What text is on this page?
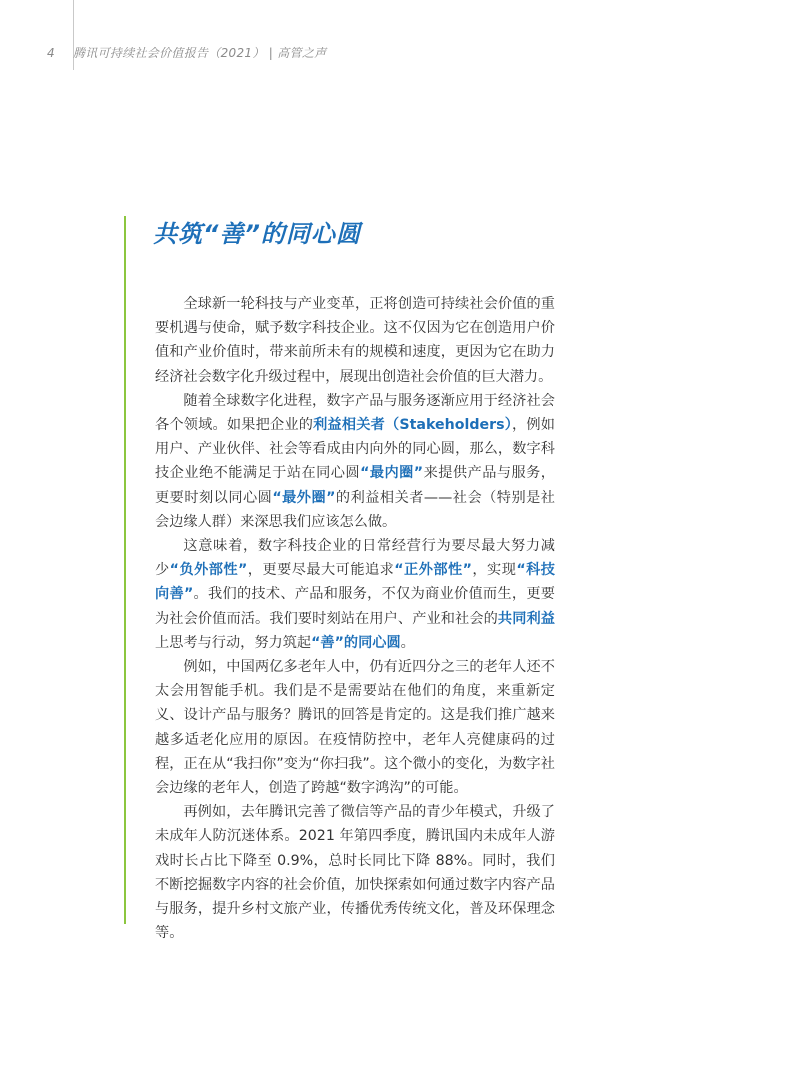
4 腾讯可持续社会价值报告（2021） | 高管之声
共筑“善”的同心圆

全球新一轮科技与产业变革，正将创造可持续社会价值的重要机遇与使命，赋予数字科技企业。这不仅因为它在创造用户价值和产业价值时，带来前所未有的规模和速度，更因为它在助力经济社会数字化升级过程中，展现出创造社会价值的巨大潜力。

随着全球数字化进程，数字产品与服务逐渐应用于经济社会各个领域。如果把企业的利益相关者（Stakeholders），例如用户、产业伙伴、社会等看成由内向外的同心圆，那么，数字科技企业绝不能满足于站在同心圆“最内圈”来提供产品与服务，更要时刻以同心圆“最外圈”的利益相关者——社会（特别是社会边缘人群）来深思我们应该怎么做。

这意味着，数字科技企业的日常经营行为要尽最大努力减少“负外部性”，更要尽最大可能追求“正外部性”，实现“科技向善”。我们的技术、产品和服务，不仅为商业价值而生，更要为社会价值而活。我们要时刻站在用户、产业和社会的共同利益上思考与行动，努力筑起“善”的同心圆。

例如，中国两亿多老年人中，仍有近四分之三的老年人还不太会用智能手机。我们是不是需要站在他们的角度，来重新定义、设计产品与服务？腾讯的回答是肯定的。这是我们推广越来越多适老化应用的原因。在疫情防控中，老年人亮健康码的过程，正在从“我扫你”变为“你扫我”。这个微小的变化，为数字社会边缘的老年人，创造了跨越“数字鸿沟”的可能。

再例如，去年腾讯完善了微信等产品的青少年模式，升级了未成年人防沉迷体系。2021 年第四季度，腾讯国内未成年人游戏时长占比下降至 0.9%，总时长同比下降 88%。同时，我们不断挖掘数字内容的社会价值，加快探索如何通过数字内容产品与服务，提升乡村文旅产业，传播优秀传统文化，普及环保理念等。
